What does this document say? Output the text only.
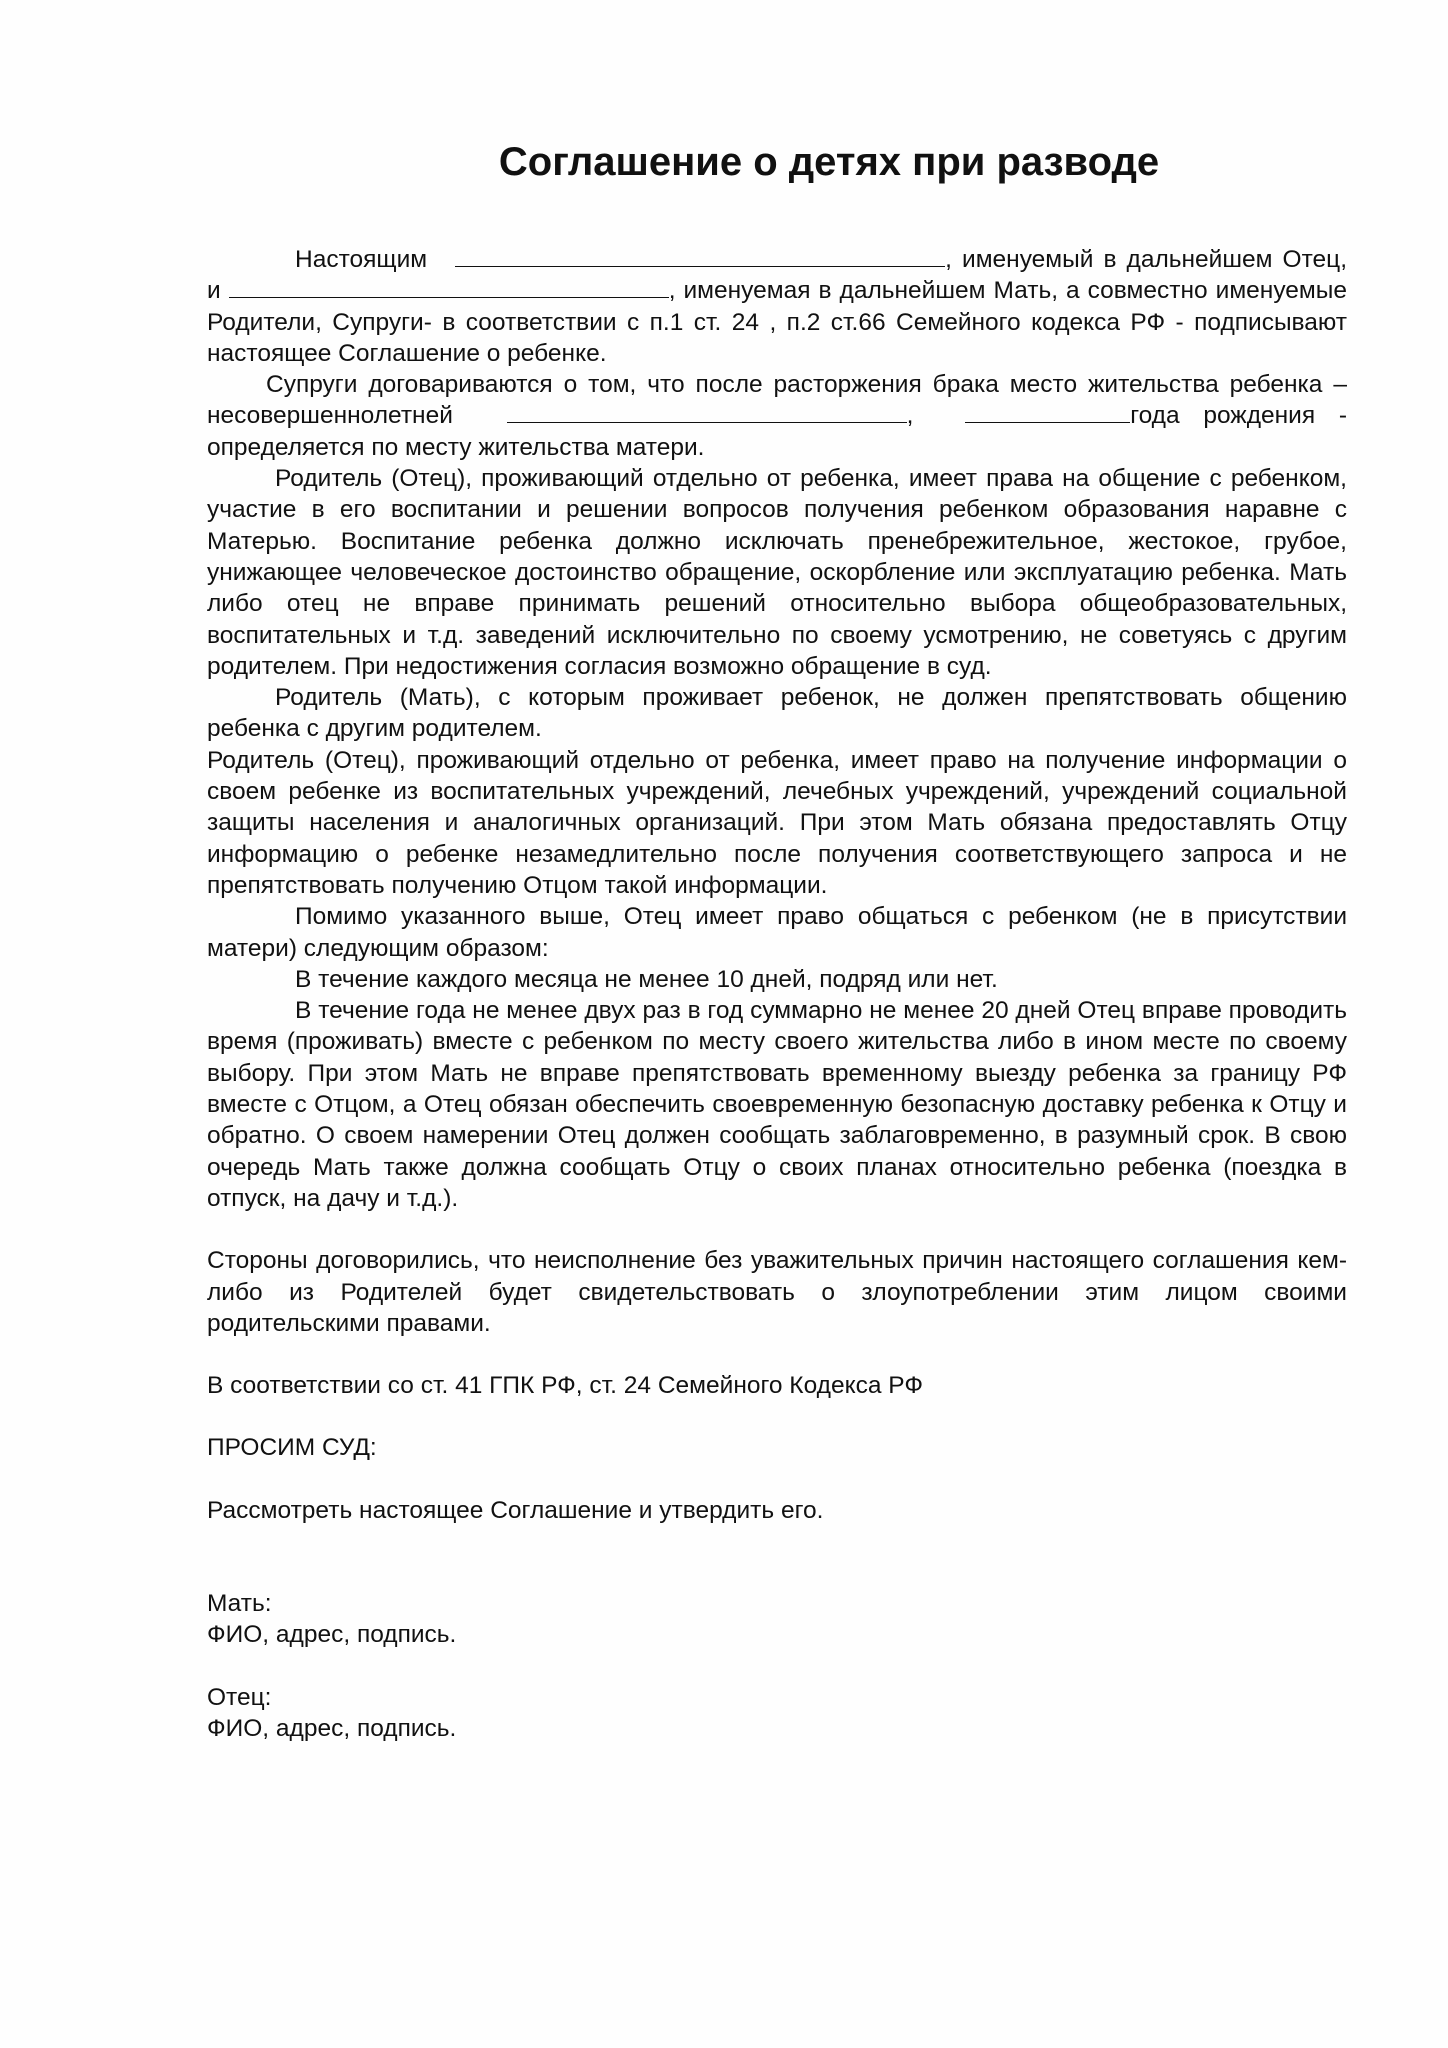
Соглашение о детях при разводе

Настоящим	, именуемый в дальнейшем Отец, и	, именуемая в дальнейшем Мать, а совместно именуемые Родители, Супруги- в соответствии с п.1 ст. 24 , п.2 ст.66 Семейного кодекса РФ - подписывают настоящее Соглашение о ребенке.

Супруги договариваются о том, что после расторжения брака место жительства ребенка – несовершеннолетней	,	года рождения - определяется по месту жительства матери.

Родитель (Отец), проживающий отдельно от ребенка, имеет права на общение с ребенком, участие в его воспитании и решении вопросов получения ребенком образования наравне с Матерью. Воспитание ребенка должно исключать пренебрежительное, жестокое, грубое, унижающее человеческое достоинство обращение, оскорбление или эксплуатацию ребенка. Мать либо отец не вправе принимать решений относительно выбора общеобразовательных, воспитательных и т.д. заведений исключительно по своему усмотрению, не советуясь с другим родителем. При недостижения согласия возможно обращение в суд.

Родитель (Мать), с которым проживает ребенок, не должен препятствовать общению ребенка с другим родителем.

Родитель (Отец), проживающий отдельно от ребенка, имеет право на получение информации о своем ребенке из воспитательных учреждений, лечебных учреждений, учреждений социальной защиты населения и аналогичных организаций. При этом Мать обязана предоставлять Отцу информацию о ребенке незамедлительно после получения соответствующего запроса и не препятствовать получению Отцом такой информации.

Помимо указанного выше, Отец имеет право общаться с ребенком (не в присутствии матери) следующим образом:

В течение каждого месяца не менее 10 дней, подряд или нет.

В течение года не менее двух раз в год суммарно не менее 20 дней Отец вправе проводить время (проживать) вместе с ребенком по месту своего жительства либо в ином месте по своему выбору. При этом Мать не вправе препятствовать временному выезду ребенка за границу РФ вместе с Отцом, а Отец обязан обеспечить своевременную безопасную доставку ребенка к Отцу и обратно. О своем намерении Отец должен сообщать заблаговременно, в разумный срок. В свою очередь Мать также должна сообщать Отцу о своих планах относительно ребенка (поездка в отпуск, на дачу и т.д.).

Стороны договорились, что неисполнение без уважительных причин настоящего соглашения кем-либо из Родителей будет свидетельствовать о злоупотреблении этим лицом своими родительскими правами.

В соответствии со ст. 41 ГПК РФ, ст. 24 Семейного Кодекса РФ

ПРОСИМ СУД:

Рассмотреть настоящее Соглашение и утвердить его.

Мать:

ФИО, адрес, подпись.

Отец:

ФИО, адрес, подпись.
